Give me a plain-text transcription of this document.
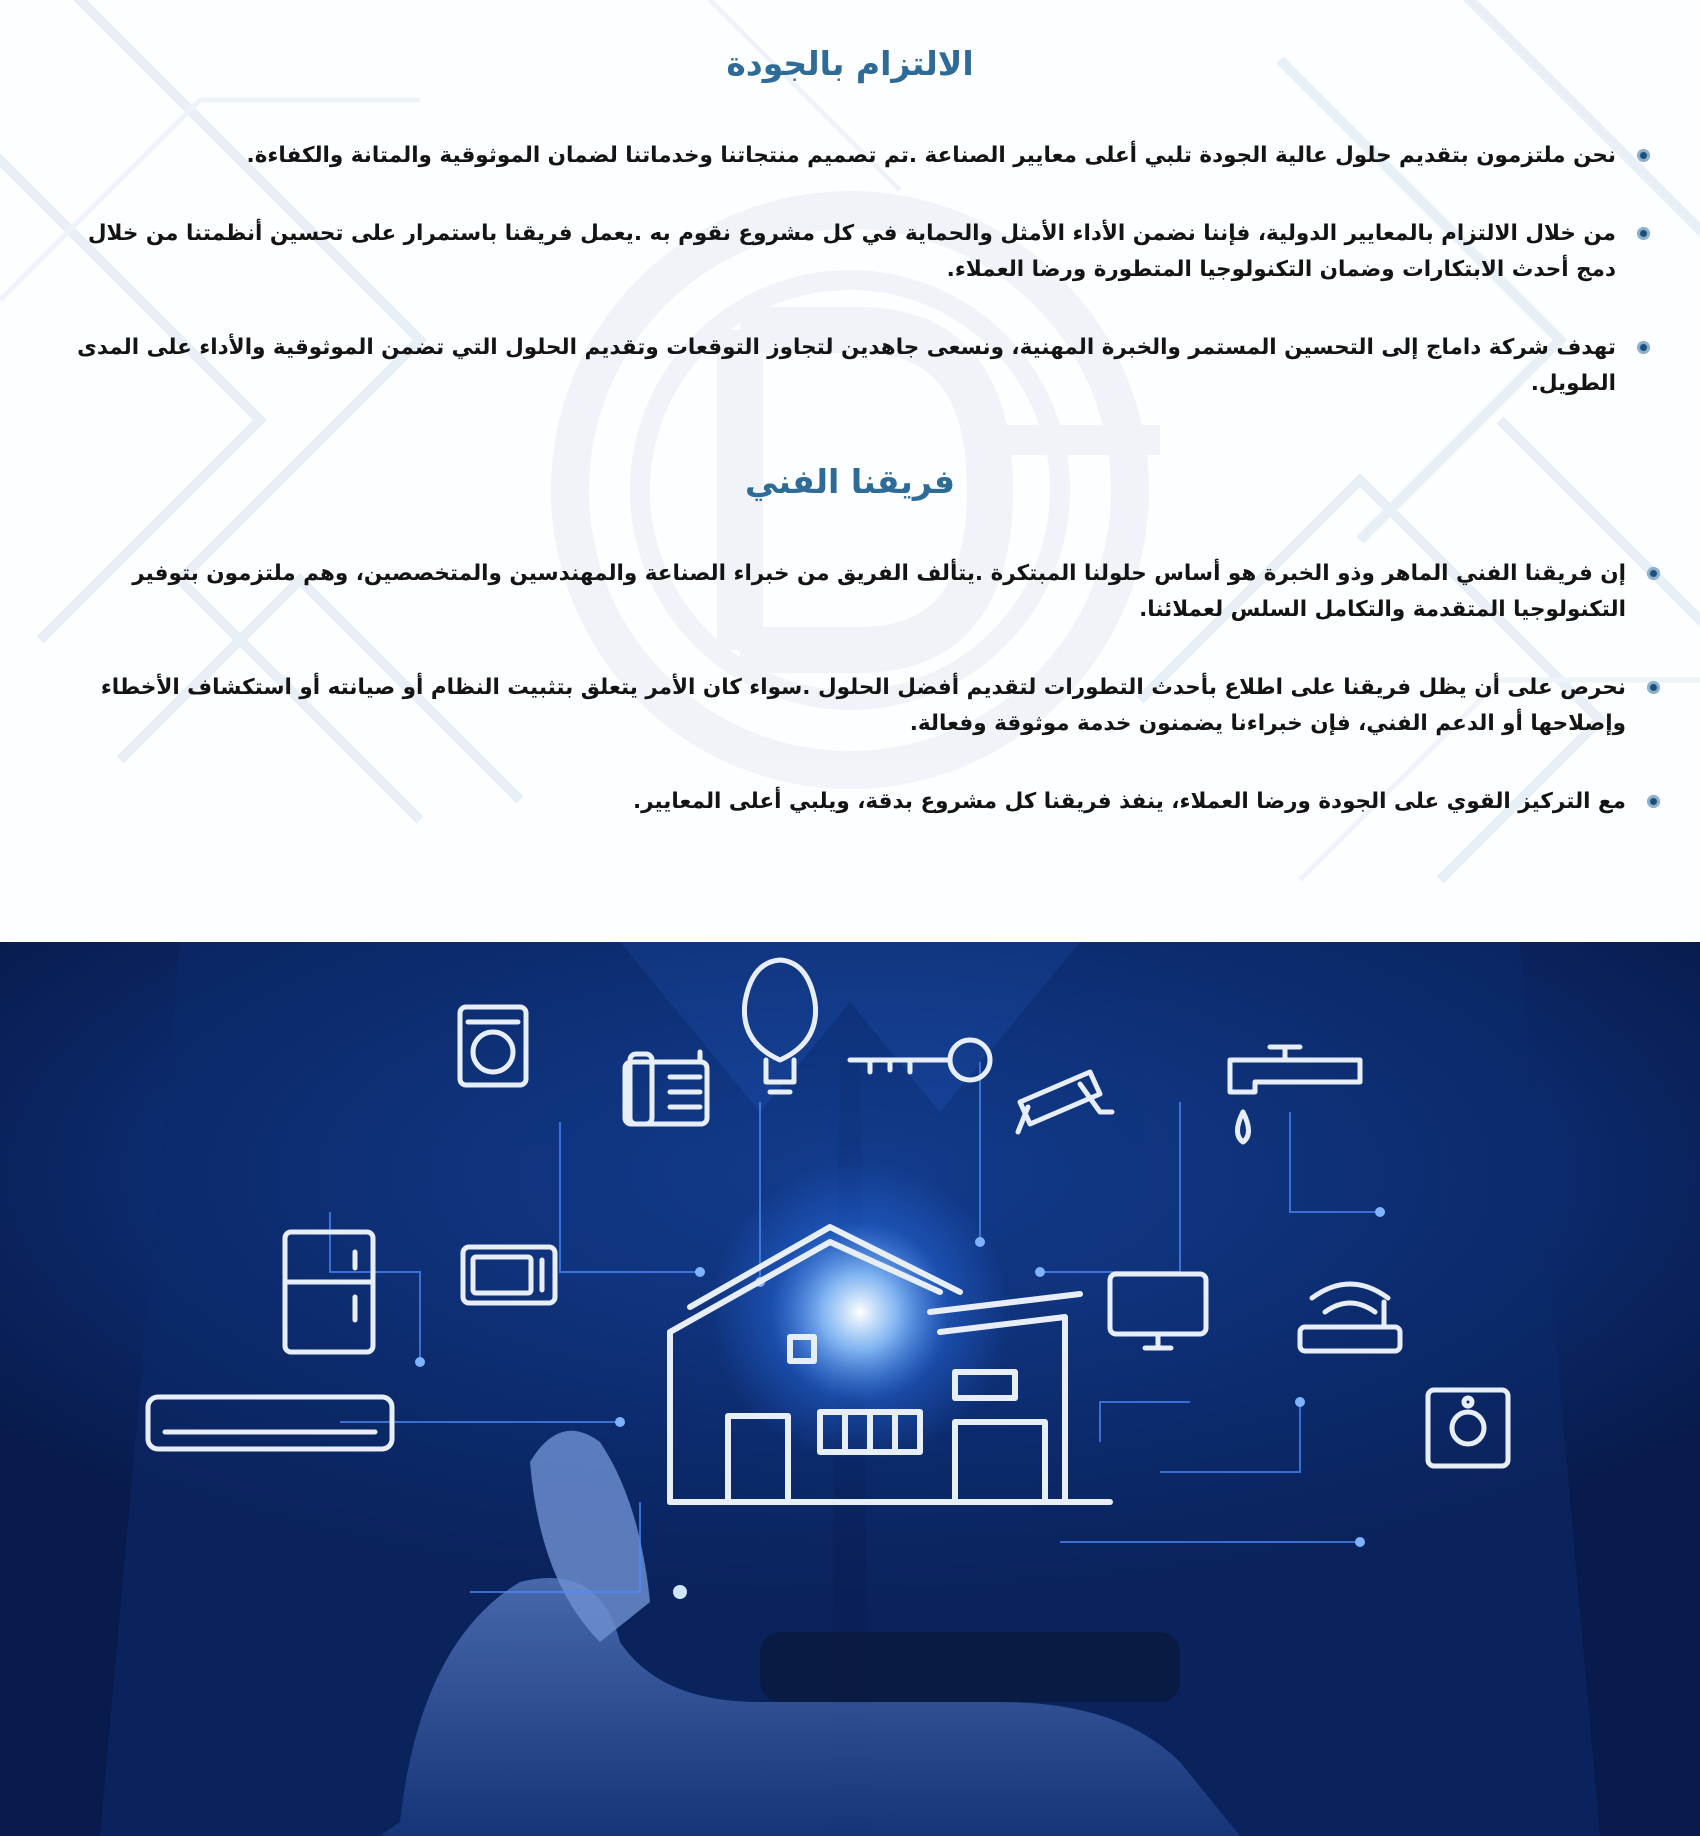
الالتزام بالجودة
نحن ملتزمون بتقديم حلول عالية الجودة تلبي أعلى معايير الصناعة .تم تصميم منتجاتنا وخدماتنا لضمان الموثوقية والمتانة والكفاءة.
من خلال الالتزام بالمعايير الدولية، فإننا نضمن الأداء الأمثل والحماية في كل مشروع نقوم به .يعمل فريقنا باستمرار على تحسين أنظمتنا من خلال دمج أحدث الابتكارات وضمان التكنولوجيا المتطورة ورضا العملاء.
تهدف شركة داماج إلى التحسين المستمر والخبرة المهنية، ونسعى جاهدين لتجاوز التوقعات وتقديم الحلول التي تضمن الموثوقية والأداء على المدى الطويل.
فريقنا الفني
إن فريقنا الفني الماهر وذو الخبرة هو أساس حلولنا المبتكرة .يتألف الفريق من خبراء الصناعة والمهندسين والمتخصصين، وهم ملتزمون بتوفير التكنولوجيا المتقدمة والتكامل السلس لعملائنا.
نحرص على أن يظل فريقنا على اطلاع بأحدث التطورات لتقديم أفضل الحلول .سواء كان الأمر يتعلق بتثبيت النظام أو صيانته أو استكشاف الأخطاء وإصلاحها أو الدعم الفني، فإن خبراءنا يضمنون خدمة موثوقة وفعالة.
مع التركيز القوي على الجودة ورضا العملاء، ينفذ فريقنا كل مشروع بدقة، ويلبي أعلى المعايير.
